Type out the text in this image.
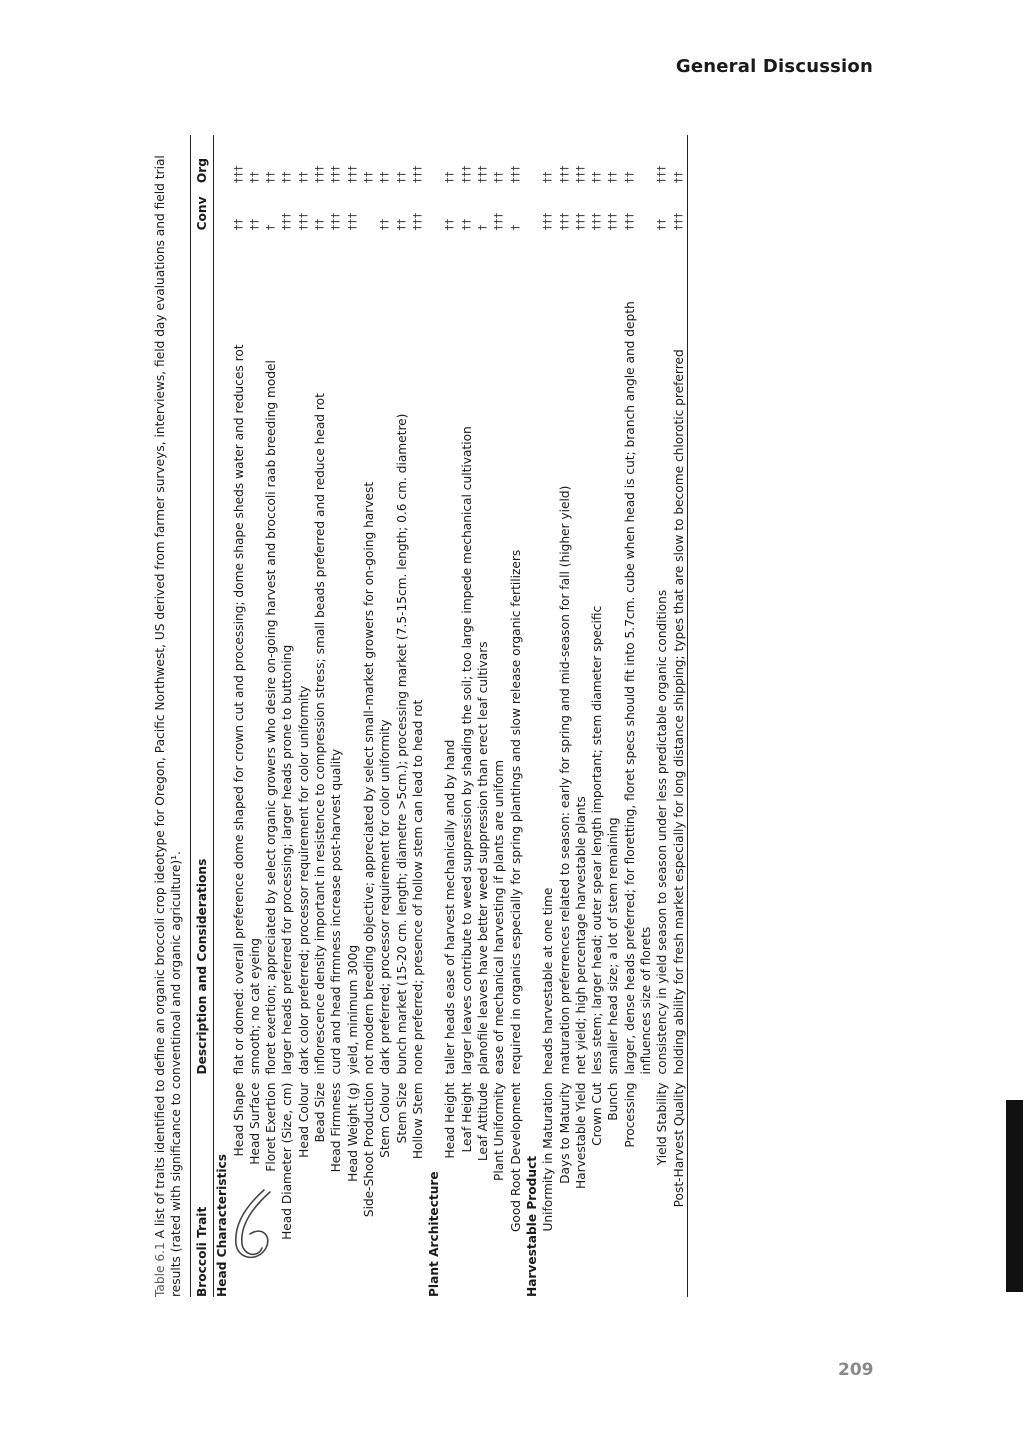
General Discussion
209

Table 6.1 A list of traits identified to define an organic broccoli crop ideotype for Oregon, Pacific Northwest, US derived from farmer surveys, interviews, field day evaluations and field trial results (rated with significance to conventinoal and organic agriculture)¹. Broccoli Trait	Description and Considerations	Conv	Org
Head Characteristics			
Head Shape	flat or domed: overall preference dome shaped for crown cut and processing; dome shape sheds water and reduces rot	††	†††
Head Surface	smooth; no cat eyeing	††	††
Floret Exertion	floret exertion; appreciated by select organic growers who desire on-going harvest and broccoli raab breeding model	†	††
Head Diameter (Size, cm)	larger heads preferred for processing; larger heads prone to buttoning	†††	††
Head Colour	dark color preferred; processor requirement for color uniformity	†††	††
Bead Size	inflorescence density important in resistence to compression stress; small beads preferred and reduce head rot	††	†††
Head Firmness	curd and head firmness increase post-harvest quality	†††	†††
Head Weight (g)	yield, minimum 300g	†††	†††
Side-Shoot Production	not modern breeding objective; appreciated by select small-market growers for on-going harvest		††
Stem Colour	dark preferred; processor requirement for color uniformity	††	††
Stem Size	bunch market (15-20 cm. length; diametre >5cm.); processing market (7.5-15cm. length; 0.6 cm. diametre)	††	††
Hollow Stem	none preferred; presence of hollow stem can lead to head rot	†††	†††
Plant Architecture			
Head Height	taller heads ease of harvest mechanically and by hand	††	††
Leaf Height	larger leaves contribute to weed suppression by shading the soil; too large impede mechanical cultivation	††	†††
Leaf Attitude	planofile leaves have better weed suppression than erect leaf cultivars	†	†††
Plant Uniformity	ease of mechanical harvesting if plants are uniform	†††	††
Good Root Development	required in organics especially for spring plantings and slow release organic fertilizers	†	†††
Harvestable Product			
Uniformity in Maturation	heads harvestable at one time	†††	††
Days to Maturity	maturation preferrences related to season: early for spring and mid-season for fall (higher yield)	†††	†††
Harvestable Yield	net yield; high percentage harvestable plants	†††	†††
Crown Cut	less stem; larger head; outer spear length important; stem diameter specific	†††	††
Bunch	smaller head size; a lot of stem remaining	†††	††
Processing	larger, dense heads preferred; for floretting, floret specs should fit into 5.7cm. cube when head is cut; branch angle and depth influences size of florets	†††	††
Yield Stability	consistency in yield season to season under less predictable organic conditions	††	†††
Post-Harvest Quality	holding ability for fresh market especially for long distance shipping; types that are slow to become chlorotic preferred	†††	††
